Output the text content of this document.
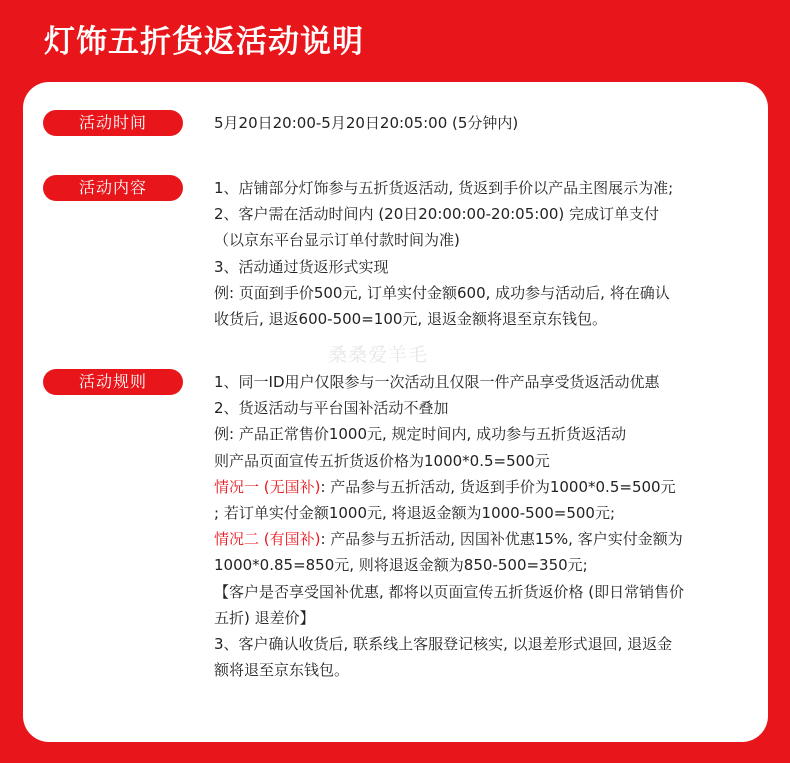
灯饰五折货返活动说明
活动时间	5月20日20:00-5月20日20:05:00 (5分钟内)
活动内容	1、店铺部分灯饰参与五折货返活动, 货返到手价以产品主图展示为准;
2、客户需在活动时间内 (20日20:00:00-20:05:00) 完成订单支付
（以京东平台显示订单付款时间为准)
3、活动通过货返形式实现
例: 页面到手价500元, 订单实付金额600, 成功参与活动后, 将在确认
收货后, 退返600-500=100元, 退返金额将退至京东钱包。
桑桑爱羊毛
活动规则	1、同一ID用户仅限参与一次活动且仅限一件产品享受货返活动优惠
2、货返活动与平台国补活动不叠加
例: 产品正常售价1000元, 规定时间内, 成功参与五折货返活动
则产品页面宣传五折货返价格为1000*0.5=500元
情况一 (无国补): 产品参与五折活动, 货返到手价为1000*0.5=500元
; 若订单实付金额1000元, 将退返金额为1000-500=500元;
情况二 (有国补): 产品参与五折活动, 因国补优惠15%, 客户实付金额为
1000*0.85=850元, 则将退返金额为850-500=350元;
【客户是否享受国补优惠, 都将以页面宣传五折货返价格 (即日常销售价
五折) 退差价】
3、客户确认收货后, 联系线上客服登记核实, 以退差形式退回, 退返金
额将退至京东钱包。
